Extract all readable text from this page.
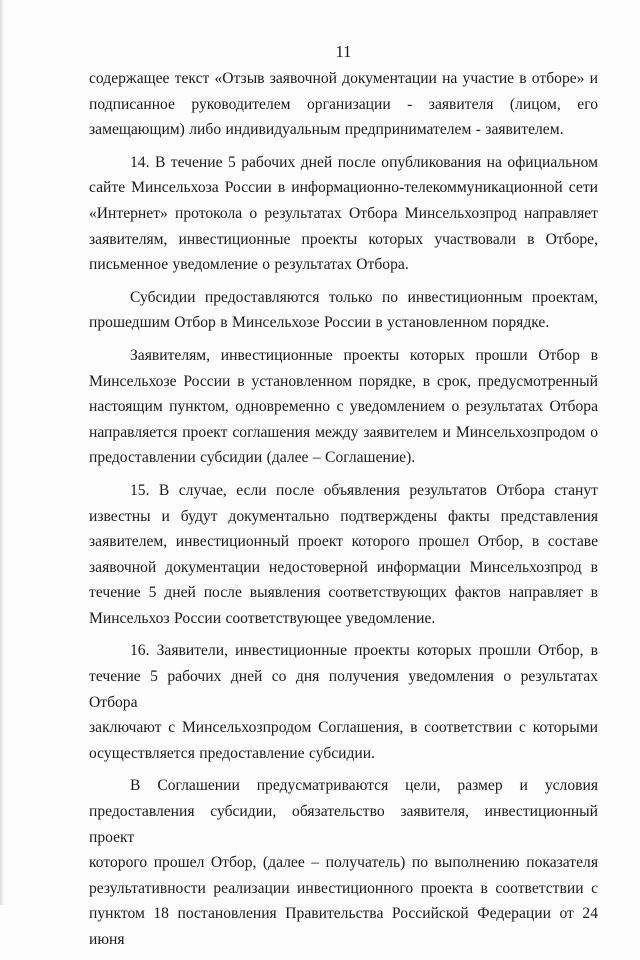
11

содержащее текст «Отзыв заявочной документации на участие в отборе» и
подписанное руководителем организации - заявителя (лицом, его
замещающим) либо индивидуальным предпринимателем - заявителем.

14. В течение 5 рабочих дней после опубликования на официальном
сайте Минсельхоза России в информационно-телекоммуникационной сети
«Интернет» протокола о результатах Отбора Минсельхозпрод направляет
заявителям, инвестиционные проекты которых участвовали в Отборе,
письменное уведомление о результатах Отбора.

Субсидии предоставляются только по инвестиционным проектам,
прошедшим Отбор в Минсельхозе России в установленном порядке.

Заявителям, инвестиционные проекты которых прошли Отбор в
Минсельхозе России в установленном порядке, в срок, предусмотренный
настоящим пунктом, одновременно с уведомлением о результатах Отбора
направляется проект соглашения между заявителем и Минсельхозпродом о
предоставлении субсидии (далее – Соглашение).

15. В случае, если после объявления результатов Отбора станут
известны и будут документально подтверждены факты представления
заявителем, инвестиционный проект которого прошел Отбор, в составе
заявочной документации недостоверной информации Минсельхозпрод в
течение 5 дней после выявления соответствующих фактов направляет в
Минсельхоз России соответствующее уведомление.

16. Заявители, инвестиционные проекты которых прошли Отбор, в
течение 5 рабочих дней со дня получения уведомления о результатах Отбора
заключают с Минсельхозпродом Соглашения, в соответствии с которыми
осуществляется предоставление субсидии.

В Соглашении предусматриваются цели, размер и условия
предоставления субсидии, обязательство заявителя, инвестиционный проект
которого прошел Отбор, (далее – получатель) по выполнению показателя
результативности реализации инвестиционного проекта в соответствии с
пунктом 18 постановления Правительства Российской Федерации от 24 июня
